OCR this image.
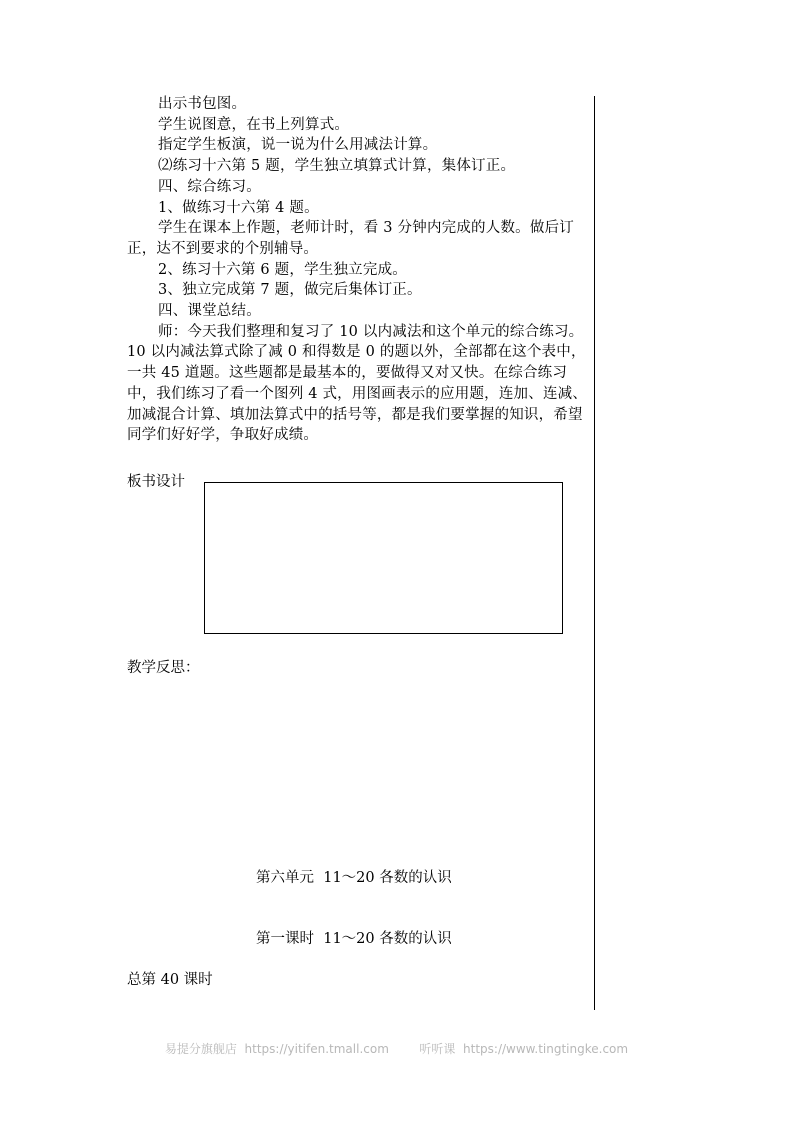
出示书包图。

学生说图意，在书上列算式。

指定学生板演，说一说为什么用减法计算。

⑵练习十六第 5 题，学生独立填算式计算，集体订正。

四、综合练习。

1、做练习十六第 4 题。

学生在课本上作题，老师计时，看 3 分钟内完成的人数。做后订正，达不到要求的个别辅导。

2、练习十六第 6 题，学生独立完成。

3、独立完成第 7 题，做完后集体订正。

四、课堂总结。

师：今天我们整理和复习了 10 以内减法和这个单元的综合练习。10 以内减法算式除了减 0 和得数是 0 的题以外，全部都在这个表中，一共 45 道题。这些题都是最基本的，要做得又对又快。在综合练习中，我们练习了看一个图列 4 式，用图画表示的应用题，连加、连减、加减混合计算、填加法算式中的括号等，都是我们要掌握的知识，希望同学们好好学，争取好成绩。

板书设计
教学反思：
第六单元  11～20 各数的认识
第一课时  11～20 各数的认识
总第 40 课时
易提分旗舰店  https://yitifen.tmall.com        听听课  https://www.tingtingke.com
